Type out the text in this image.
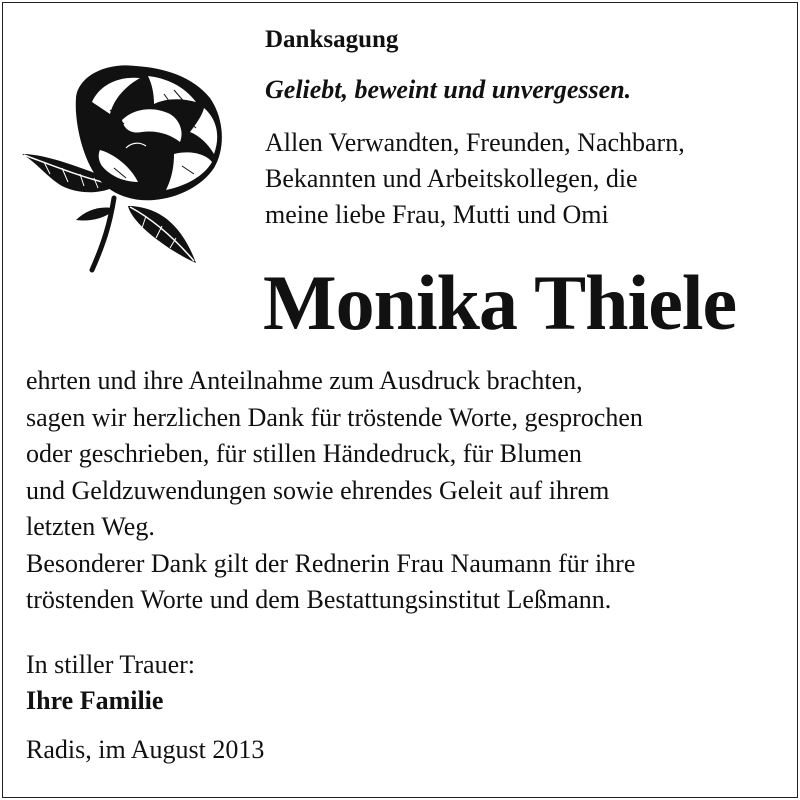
Danksagung
Geliebt, beweint und unvergessen.
Allen Verwandten, Freunden, Nachbarn,
Bekannten und Arbeitskollegen, die
meine liebe Frau, Mutti und Omi
Monika Thiele
ehrten und ihre Anteilnahme zum Ausdruck brachten,
sagen wir herzlichen Dank für tröstende Worte, gesprochen
oder geschrieben, für stillen Händedruck, für Blumen
und Geldzuwendungen sowie ehrendes Geleit auf ihrem
letzten Weg.
Besonderer Dank gilt der Rednerin Frau Naumann für ihre
tröstenden Worte und dem Bestattungsinstitut Leßmann.
In stiller Trauer:
Ihre Familie
Radis, im August 2013
